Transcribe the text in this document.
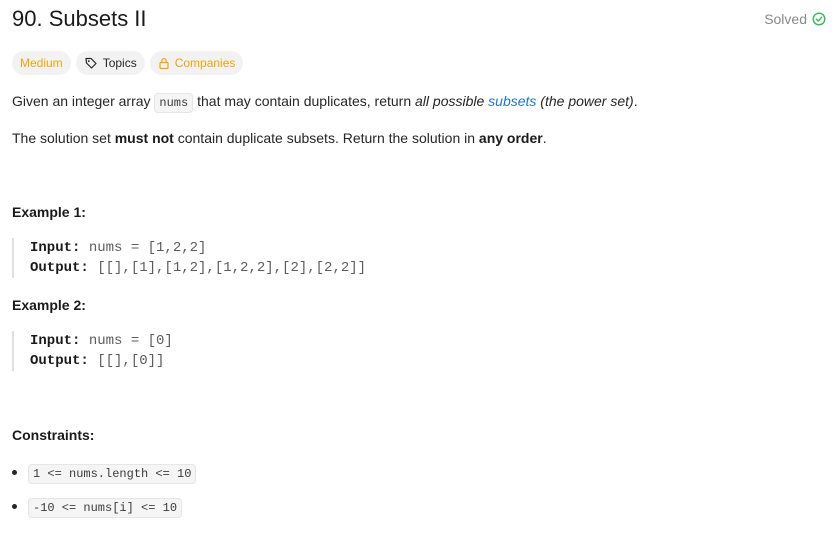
90. Subsets II	Solved
Medium	Topics	Companies
Given an integer array nums that may contain duplicates, return all possible subsets (the power set).
The solution set must not contain duplicate subsets. Return the solution in any order.
Example 1:
Input: nums = [1,2,2]
Output: [[],[1],[1,2],[1,2,2],[2],[2,2]]
Example 2:
Input: nums = [0]
Output: [[],[0]]
Constraints:
1 <= nums.length <= 10
-10 <= nums[i] <= 10
